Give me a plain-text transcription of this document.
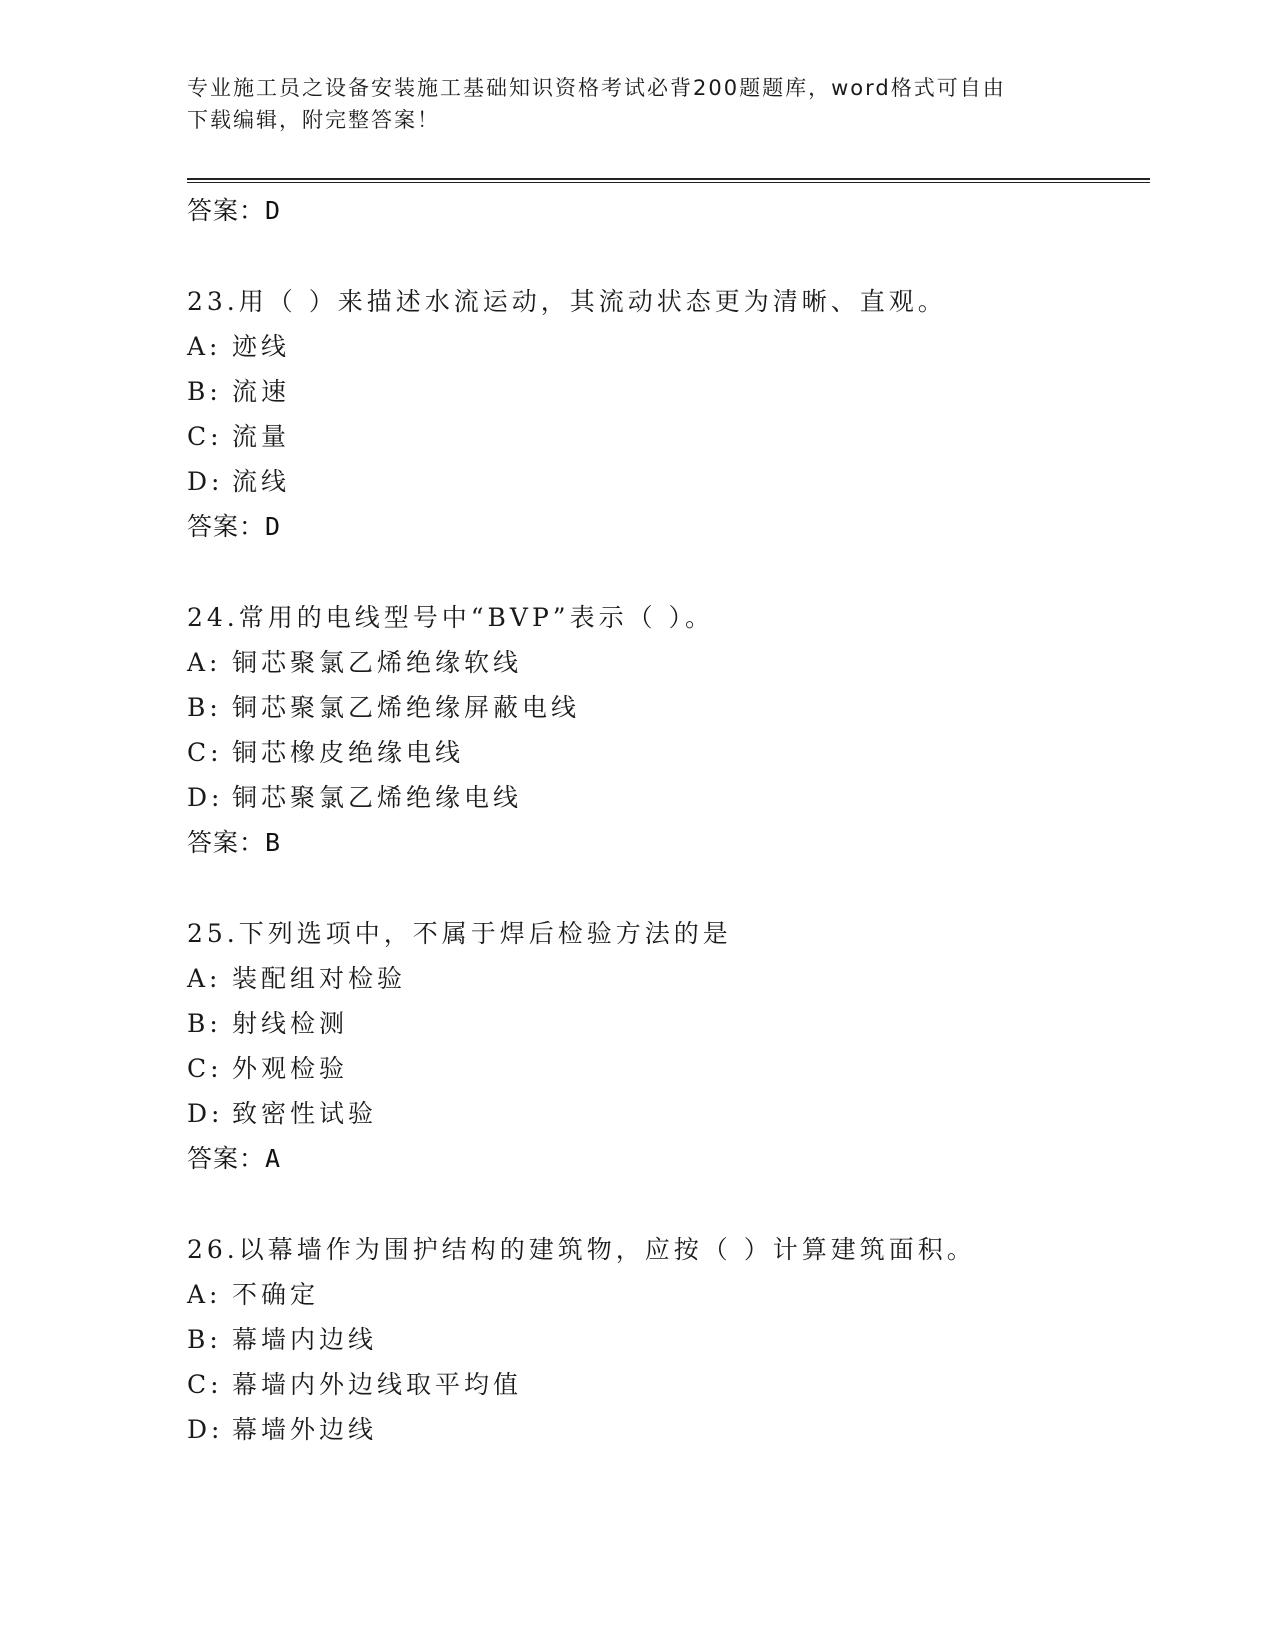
专业施工员之设备安装施工基础知识资格考试必背200题题库，word格式可自由
下载编辑，附完整答案！
答案：D
23.用（ ）来描述水流运动，其流动状态更为清晰、直观。
A: 迹线
B: 流速
C: 流量
D: 流线
答案：D
24.常用的电线型号中“BVP”表示（ ）。
A: 铜芯聚氯乙烯绝缘软线
B: 铜芯聚氯乙烯绝缘屏蔽电线
C: 铜芯橡皮绝缘电线
D: 铜芯聚氯乙烯绝缘电线
答案：B
25.下列选项中，不属于焊后检验方法的是
A: 装配组对检验
B: 射线检测
C: 外观检验
D: 致密性试验
答案：A
26.以幕墙作为围护结构的建筑物，应按（ ）计算建筑面积。
A: 不确定
B: 幕墙内边线
C: 幕墙内外边线取平均值
D: 幕墙外边线
